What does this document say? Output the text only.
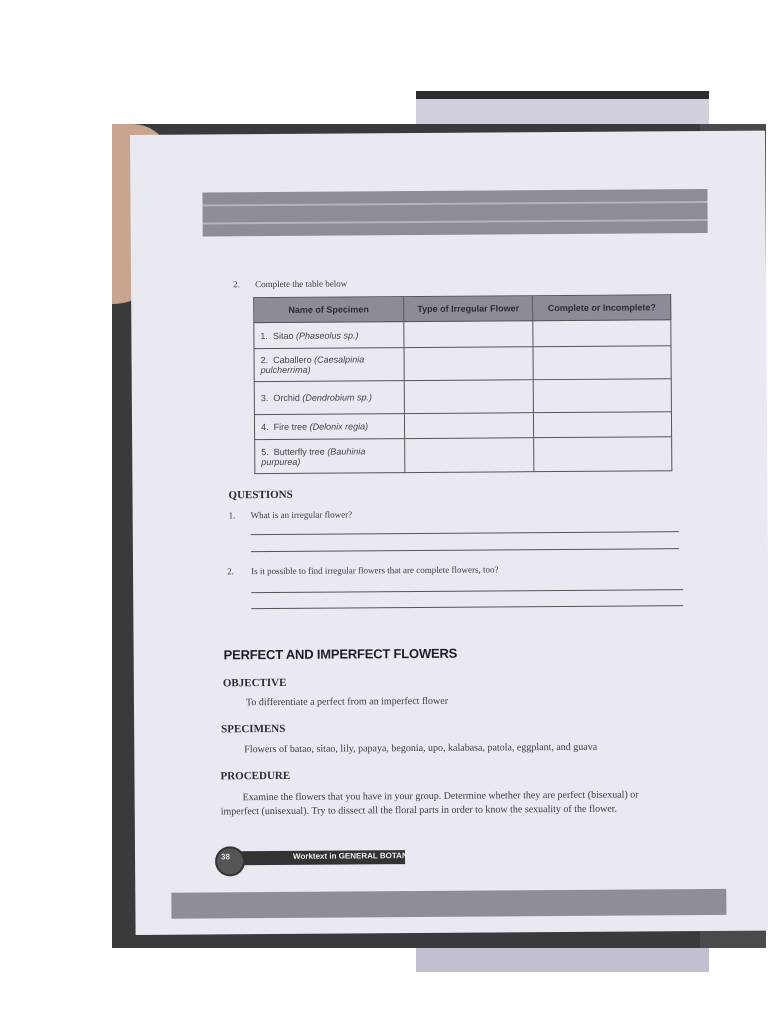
2. Complete the table below
Name of Specimen	Type of Irregular Flower	Complete or Incomplete?
1. Sitao (Phaseolus sp.)		
2. Caballero (Caesalpinia pulcherrima)		
3. Orchid (Dendrobium sp.)		
4. Fire tree (Delonix regia)		
5. Butterfly tree (Bauhinia purpurea)		
QUESTIONS
1. What is an irregular flower?
2. Is it possible to find irregular flowers that are complete flowers, too?
PERFECT AND IMPERFECT FLOWERS
OBJECTIVE
To differentiate a perfect from an imperfect flower
SPECIMENS
Flowers of batao, sitao, lily, papaya, begonia, upo, kalabasa, patola, eggplant, and guava
PROCEDURE
Examine the flowers that you have in your group. Determine whether they are perfect (bisexual) or
imperfect (unisexual). Try to dissect all the floral parts in order to know the sexuality of the flower.
38	Worktext in GENERAL BOTANY
